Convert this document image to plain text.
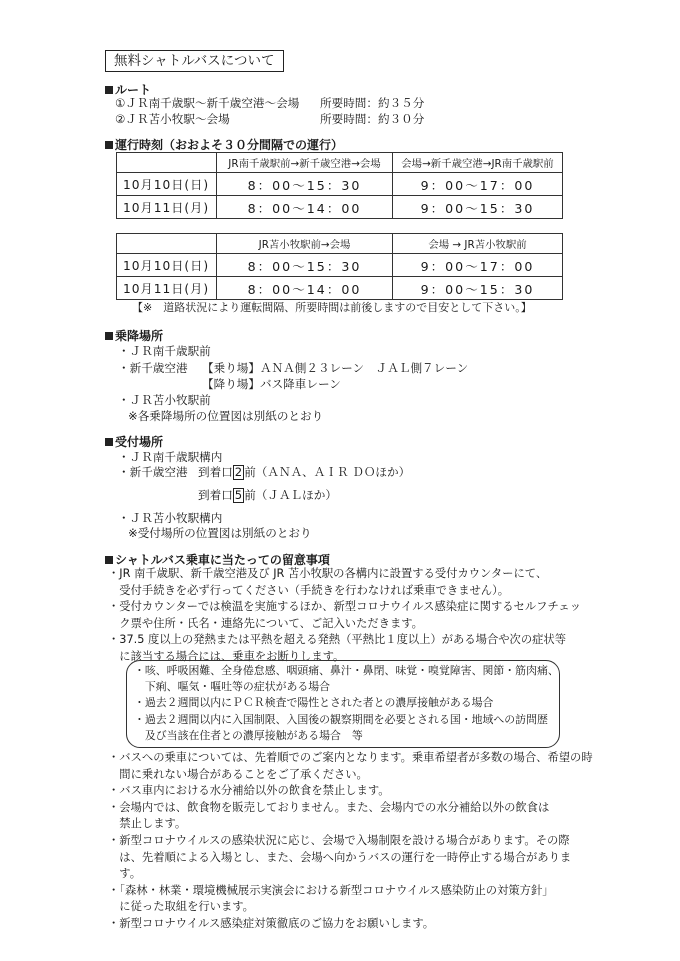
無料シャトルバスについて
ルート
①ＪＲ南千歳駅〜新千歳空港〜会場 所要時間：約３５分
②ＪＲ苫小牧駅〜会場	所要時間：約３０分
運行時刻（おおよそ３０分間隔での運行）
	JR南千歳駅前→新千歳空港→会場	会場→新千歳空港→JR南千歳駅前
10月10日(日)	8：00〜15：30	9：00〜17：00
10月11日(月)	8：00〜14：00	9：00〜15：30
	JR苫小牧駅前→会場	会場 → JR苫小牧駅前
10月10日(日)	8：00〜15：30	9：00〜17：00
10月11日(月)	8：00〜14：00	9：00〜15：30
【※　道路状況により運転間隔、所要時間は前後しますので目安として下さい。】
乗降場所
・ＪＲ南千歳駅前
・新千歳空港 【乗り場】ＡＮＡ側２３レーン　ＪＡＬ側７レーン
【降り場】バス降車レーン
・ＪＲ苫小牧駅前
※各乗降場所の位置図は別紙のとおり
受付場所
・ＪＲ南千歳駅構内
・新千歳空港 到着口 2 前（ＡＮＡ、ＡＩＲ ＤＯほか）
到着口 5 前（ＪＡＬほか）
・ＪＲ苫小牧駅構内
※受付場所の位置図は別紙のとおり
シャトルバス乗車に当たっての留意事項
・JR 南千歳駅、新千歳空港及び JR 苫小牧駅の各構内に設置する受付カウンターにて、
　受付手続きを必ず行ってください（手続きを行わなければ乗車できません）。
・受付カウンターでは検温を実施するほか、新型コロナウイルス感染症に関するセルフチェッ
　ク票や住所・氏名・連絡先について、ご記入いただきます。
・37.5 度以上の発熱または平熱を超える発熱（平熱比１度以上）がある場合や次の症状等
　に該当する場合には、乗車をお断りします。
・咳、呼吸困難、全身倦怠感、咽頭痛、鼻汁・鼻閉、味覚・嗅覚障害、関節・筋肉痛、
　下痢、嘔気・嘔吐等の症状がある場合
・過去２週間以内にＰＣＲ検査で陽性とされた者との濃厚接触がある場合
・過去２週間以内に入国制限、入国後の観察期間を必要とされる国・地域への訪問歴
　及び当該在住者との濃厚接触がある場合　等
・バスへの乗車については、先着順でのご案内となります。乗車希望者が多数の場合、希望の時
　間に乗れない場合があることをご了承ください。
・バス車内における水分補給以外の飲食を禁止します。
・会場内では、飲食物を販売しておりません。また、会場内での水分補給以外の飲食は
　禁止します。
・新型コロナウイルスの感染状況に応じ、会場で入場制限を設ける場合があります。その際
　は、先着順による入場とし、また、会場へ向かうバスの運行を一時停止する場合がありま
　す。
・「森林・林業・環境機械展示実演会における新型コロナウイルス感染防止の対策方針」
　に従った取組を行います。
・新型コロナウイルス感染症対策徹底のご協力をお願いします。
